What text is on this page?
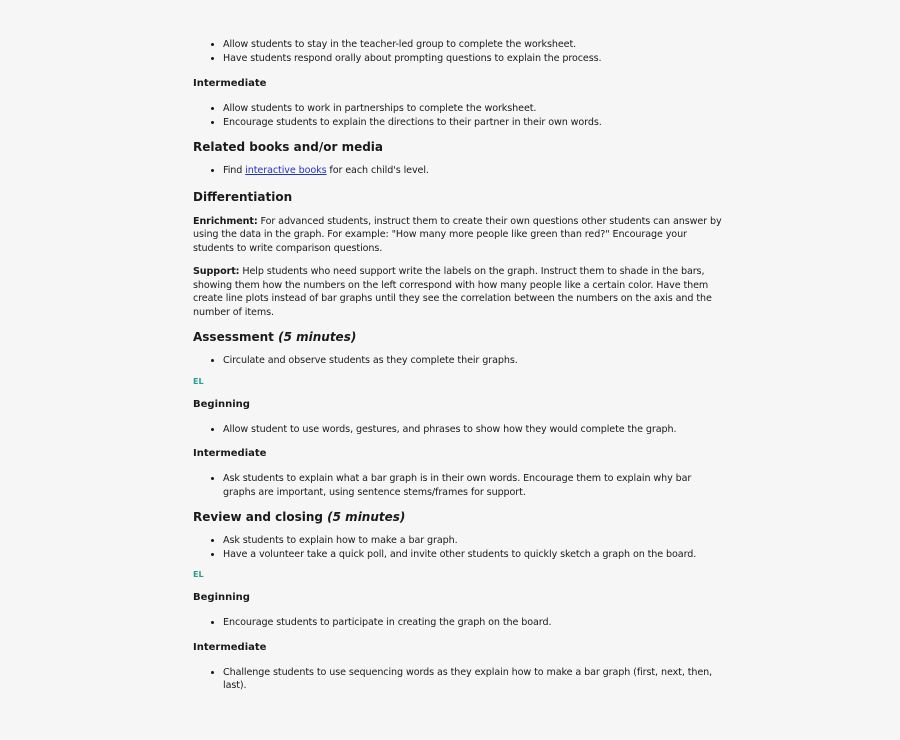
• Allow students to stay in the teacher-led group to complete the worksheet.
• Have students respond orally about prompting questions to explain the process.
Intermediate
• Allow students to work in partnerships to complete the worksheet.
• Encourage students to explain the directions to their partner in their own words.
Related books and/or media
• Find interactive books for each child's level.
Differentiation

Enrichment: For advanced students, instruct them to create their own questions other students can answer by using the data in the graph. For example: "How many more people like green than red?" Encourage your students to write comparison questions.

Support: Help students who need support write the labels on the graph. Instruct them to shade in the bars, showing them how the numbers on the left correspond with how many people like a certain color. Have them create line plots instead of bar graphs until they see the correlation between the numbers on the axis and the number of items.

Assessment (5 minutes)
• Circulate and observe students as they complete their graphs.
EL
Beginning
• Allow student to use words, gestures, and phrases to show how they would complete the graph.
Intermediate
• Ask students to explain what a bar graph is in their own words. Encourage them to explain why bar graphs are important, using sentence stems/frames for support.
Review and closing (5 minutes)
• Ask students to explain how to make a bar graph.
• Have a volunteer take a quick poll, and invite other students to quickly sketch a graph on the board.
EL
Beginning
• Encourage students to participate in creating the graph on the board.
Intermediate
• Challenge students to use sequencing words as they explain how to make a bar graph (first, next, then, last).
